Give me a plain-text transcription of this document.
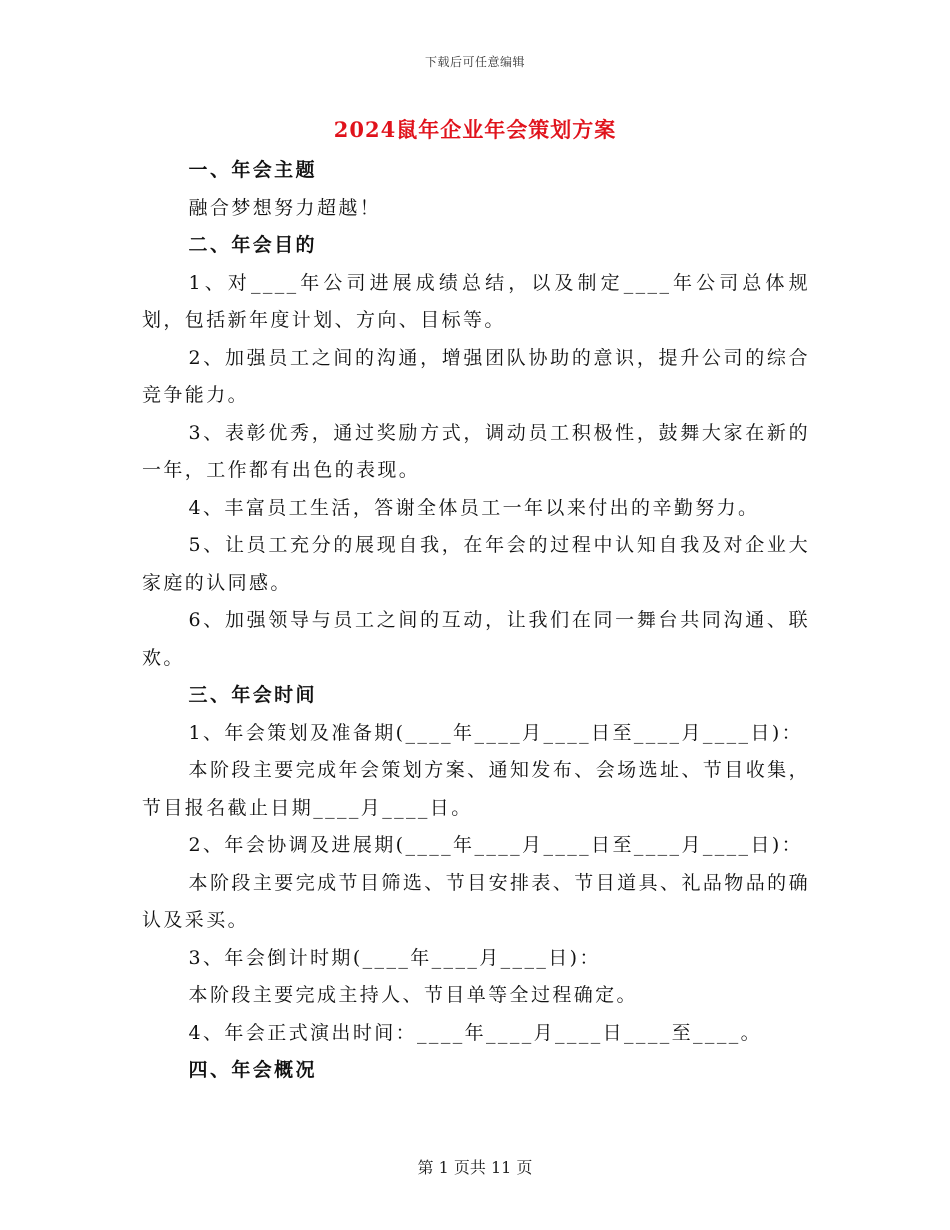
下载后可任意编辑
2024鼠年企业年会策划方案

一、年会主题

融合梦想努力超越！

二、年会目的

1、对____年公司进展成绩总结，以及制定____年公司总体规划，包括新年度计划、方向、目标等。

2、加强员工之间的沟通，增强团队协助的意识，提升公司的综合竞争能力。

3、表彰优秀，通过奖励方式，调动员工积极性，鼓舞大家在新的一年，工作都有出色的表现。

4、丰富员工生活，答谢全体员工一年以来付出的辛勤努力。

5、让员工充分的展现自我，在年会的过程中认知自我及对企业大家庭的认同感。

6、加强领导与员工之间的互动，让我们在同一舞台共同沟通、联欢。

三、年会时间

1、年会策划及准备期(____年____月____日至____月____日)：

本阶段主要完成年会策划方案、通知发布、会场选址、节目收集，节目报名截止日期____月____日。

2、年会协调及进展期(____年____月____日至____月____日)：

本阶段主要完成节目筛选、节目安排表、节目道具、礼品物品的确认及采买。

3、年会倒计时期(____年____月____日)：

本阶段主要完成主持人、节目单等全过程确定。

4、年会正式演出时间：____年____月____日____至____。

四、年会概况

第 1 页共 11 页
